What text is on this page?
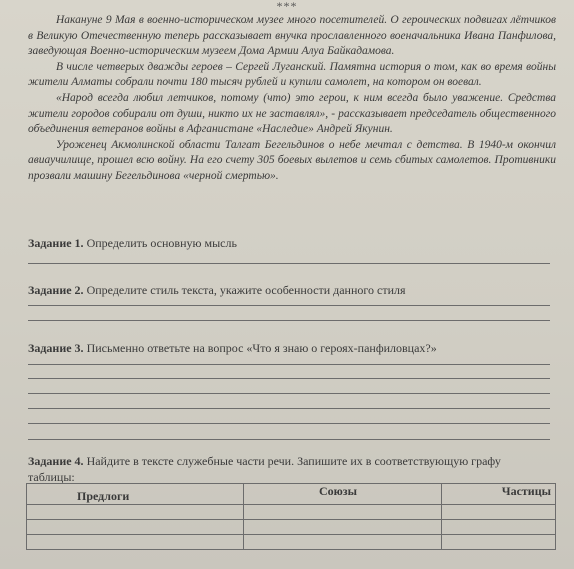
***

Накануне 9 Мая в военно-историческом музее много посетителей. О героических подвигах лётчиков в Великую Отечественную теперь рассказывает внучка прославленного военачальника Ивана Панфилова, заведующая Военно-историческим музеем Дома Армии Алуа Байкадамова.

В числе четверых дважды героев – Сергей Луганский. Памятна история о том, как во время войны жители Алматы собрали почти 180 тысяч рублей и купили самолет, на котором он воевал.

«Народ всегда любил летчиков, потому (что) это герои, к ним всегда было уважение. Средства жители городов собирали от души, никто их не заставлял», - рассказывает председатель общественного объединения ветеранов войны в Афганистане «Наследие» Андрей Якунин.

Уроженец Акмолинской области Талгат Бегельдинов о небе мечтал с детства. В 1940-м окончил авиаучилище, прошел всю войну. На его счету 305 боевых вылетов и семь сбитых самолетов. Противники прозвали машину Бегельдинова «черной смертью».

Задание 1. Определить основную мысль
Задание 2. Определите стиль текста, укажите особенности данного стиля
Задание 3. Письменно ответьте на вопрос «Что я знаю о героях-панфиловцах?»
Задание 4. Найдите в тексте служебные части речи. Запишите их в соответствующую графу
таблицы:
Предлоги	Союзы	Частицы
